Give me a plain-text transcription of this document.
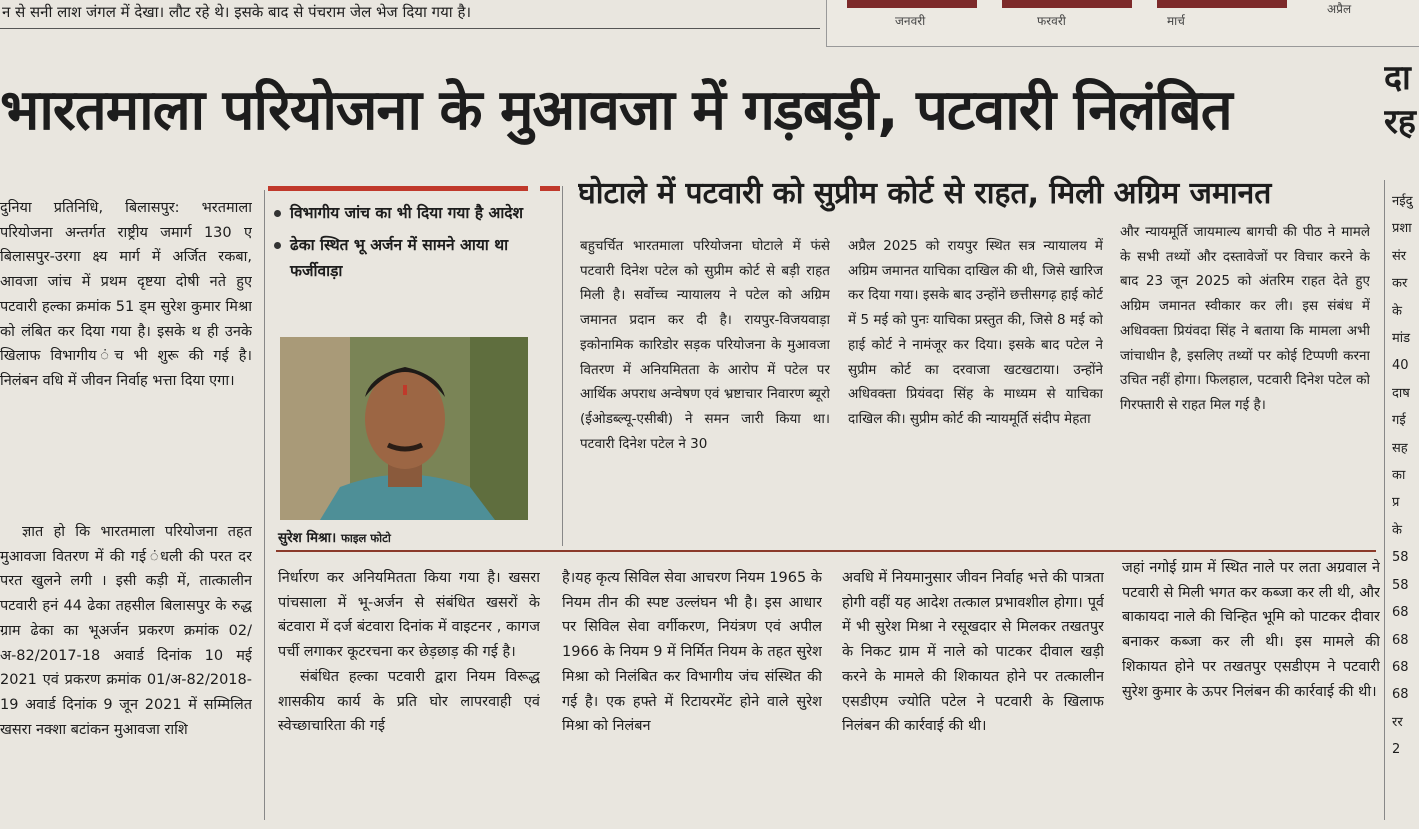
न से सनी लाश जंगल में देखा। लौट रहे थे। इसके बाद से पंचराम जेल भेज दिया गया है।	जनवरी	फरवरी	मार्च
अप्रैल
भारतमाला परियोजना के मुआवजा में गड़बड़ी, पटवारी निलंबित	दा
रह

दुनिया प्रतिनिधि, बिलासपुर: भरतमाला परियोजना अन्तर्गत राष्ट्रीय जमार्ग 130 ए बिलासपुर-उरगा क्ष्य मार्ग में अर्जित रकबा, आवजा जांच में प्रथम दृष्टया दोषी नते हुए पटवारी हल्का क्रमांक 51 ड्म सुरेश कुमार मिश्रा को लंबित कर दिया गया है। इसके थ ही उनके खिलाफ विभागीय ंच भी शुरू की गई है। निलंबन वधि में जीवन निर्वाह भत्ता दिया एगा।

ज्ञात हो कि भारतमाला परियोजना तहत मुआवजा वितरण में की गई ंधली की परत दर परत खुलने लगी । इसी कड़ी में, तात्कालीन पटवारी हनं 44 ढेका तहसील बिलासपुर के रुद्ध ग्राम ढेका का भूअर्जन प्रकरण क्रमांक 02/अ-82/2017-18 अवार्ड दिनांक 10 मई 2021 एवं प्रकरण क्रमांक 01/अ-82/2018-19 अवार्ड दिनांक 9 जून 2021 में सम्मिलित खसरा नक्शा बटांकन मुआवजा राशि

विभागीय जांच का भी दिया गया है आदेश
ढेका स्थित भू अर्जन में सामने आया था फर्जीवाड़ा
सुरेश मिश्रा। फाइल फोटो
घोटाले में पटवारी को सुप्रीम कोर्ट से राहत, मिली अग्रिम जमानत
बहुचर्चित भारतमाला परियोजना घोटाले में फंसे पटवारी दिनेश पटेल को सुप्रीम कोर्ट से बड़ी राहत मिली है। सर्वोच्च न्यायालय ने पटेल को अग्रिम जमानत प्रदान कर दी है। रायपुर-विजयवाड़ा इकोनामिक कारिडोर सड़क परियोजना के मुआवजा वितरण में अनियमितता के आरोप में पटेल पर आर्थिक अपराध अन्वेषण एवं भ्रष्टाचार निवारण ब्यूरो (ईओडब्ल्यू-एसीबी) ने समन जारी किया था। पटवारी दिनेश पटेल ने 30
अप्रैल 2025 को रायपुर स्थित सत्र न्यायालय में अग्रिम जमानत याचिका दाखिल की थी, जिसे खारिज कर दिया गया। इसके बाद उन्होंने छत्तीसगढ़ हाई कोर्ट में 5 मई को पुनः याचिका प्रस्तुत की, जिसे 8 मई को हाई कोर्ट ने नामंजूर कर दिया। इसके बाद पटेल ने सुप्रीम कोर्ट का दरवाजा खटखटाया। उन्होंने अधिवक्ता प्रियंवदा सिंह के माध्यम से याचिका दाखिल की। सुप्रीम कोर्ट की न्यायमूर्ति संदीप मेहता
और न्यायमूर्ति जायमाल्य बागची की पीठ ने मामले के सभी तथ्यों और दस्तावेजों पर विचार करने के बाद 23 जून 2025 को अंतरिम राहत देते हुए अग्रिम जमानत स्वीकार कर ली। इस संबंध में अधिवक्ता प्रियंवदा सिंह ने बताया कि मामला अभी जांचाधीन है, इसलिए तथ्यों पर कोई टिप्पणी करना उचित नहीं होगा। फिलहाल, पटवारी दिनेश पटेल को गिरफ्तारी से राहत मिल गई है।

निर्धारण कर अनियमितता किया गया है। खसरा पांचसाला में भू-अर्जन से संबंधित खसरों के बंटवारा में दर्ज बंटवारा दिनांक में वाइटनर , कागज पर्ची लगाकर कूटरचना कर छेड़छाड़ की गई है।

संबंधित हल्का पटवारी द्वारा नियम विरूद्ध शासकीय कार्य के प्रति घोर लापरवाही एवं स्वेच्छाचारिता की गई

है।यह कृत्य सिविल सेवा आचरण नियम 1965 के नियम तीन की स्पष्ट उल्लंघन भी है। इस आधार पर सिविल सेवा वर्गीकरण, नियंत्रण एवं अपील 1966 के नियम 9 में निर्मित नियम के तहत सुरेश मिश्रा को निलंबित कर विभागीय जंच संस्थित की गई है। एक हफ्ते में रिटायरमेंट होने वाले सुरेश मिश्रा को निलंबन

अवधि में नियमानुसार जीवन निर्वाह भत्ते की पात्रता होगी वहीं यह आदेश तत्काल प्रभावशील होगा। पूर्व में भी सुरेश मिश्रा ने रसूखदार से मिलकर तखतपुर के निकट ग्राम में नाले को पाटकर दीवाल खड़ी करने के मामले की शिकायत होने पर तत्कालीन एसडीएम ज्योति पटेल ने पटवारी के खिलाफ निलंबन की कार्रवाई की थी।

जहां नगोई ग्राम में स्थित नाले पर लता अग्रवाल ने पटवारी से मिली भगत कर कब्जा कर ली थी, और बाकायदा नाले की चिन्हित भूमि को पाटकर दीवार बनाकर कब्जा कर ली थी। इस मामले की शिकायत होने पर तखतपुर एसडीएम ने पटवारी सुरेश कुमार के ऊपर निलंबन की कार्रवाई की थी।

नईदु
प्रशा
संर
कर
के
मांड
40
दाष
गई
सह
का
प्र
के
58
58
68
68
68
68
रर
2
